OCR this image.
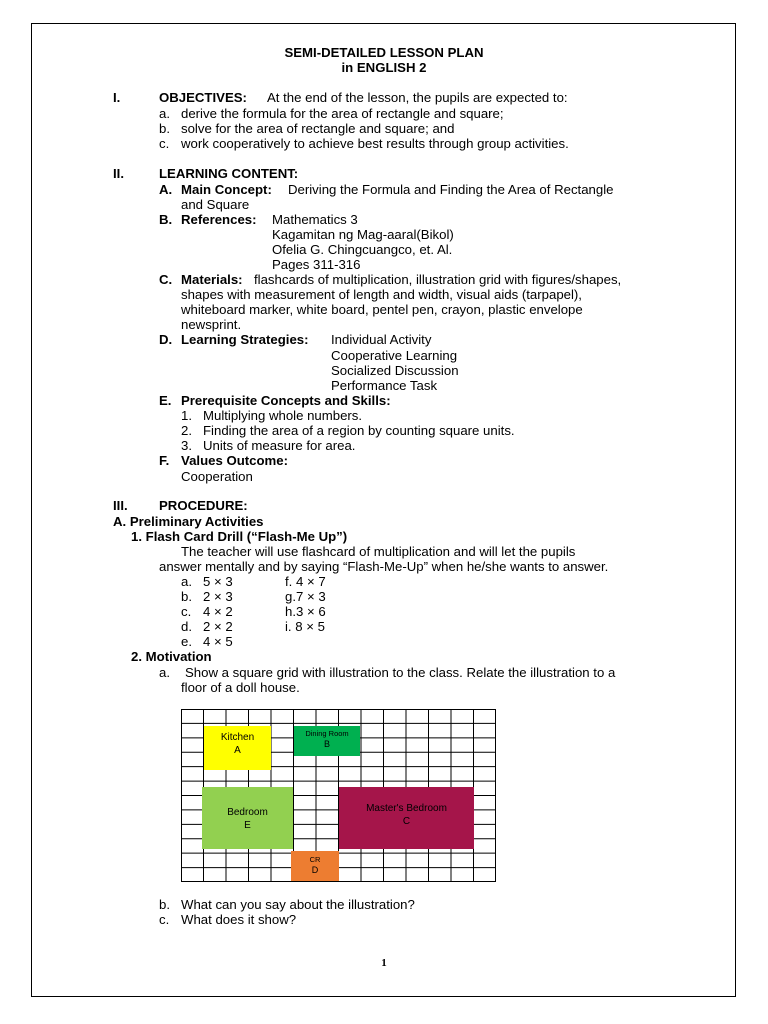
SEMI-DETAILED LESSON PLAN
in ENGLISH 2
I.	OBJECTIVES: At the end of the lesson, the pupils are expected to:
a. derive the formula for the area of rectangle and square;
b. solve for the area of rectangle and square; and
c. work cooperatively to achieve best results through group activities.
II.	LEARNING CONTENT:
A. Main Concept: Deriving the Formula and Finding the Area of Rectangle
and Square
B. References: Mathematics 3
Kagamitan ng Mag-aaral(Bikol)
Ofelia G. Chingcuangco, et. Al.
Pages 311-316
C. Materials: flashcards of multiplication, illustration grid with figures/shapes,
shapes with measurement of length and width, visual aids (tarpapel),
whiteboard marker, white board, pentel pen, crayon, plastic envelope
newsprint.
D. Learning Strategies: Individual Activity
Cooperative Learning
Socialized Discussion
Performance Task
E. Prerequisite Concepts and Skills:
1. Multiplying whole numbers.
2. Finding the area of a region by counting square units.
3. Units of measure for area.
F. Values Outcome:
Cooperation
III. PROCEDURE:
A. Preliminary Activities
1. Flash Card Drill (“Flash-Me Up”)
The teacher will use flashcard of multiplication and will let the pupils
answer mentally and by saying “Flash-Me-Up” when he/she wants to answer.
a. 5 × 3	f. 4 × 7
b. 2 × 3	g.7 × 3
c. 4 × 2	h.3 × 6
d. 2 × 2	i. 8 × 5
e. 4 × 5
2. Motivation
a. Show a square grid with illustration to the class. Relate the illustration to a
floor of a doll house.
Kitchen
A
Dining Room
B
Bedroom
E
Master's Bedroom
C
CR
D
b. What can you say about the illustration?
c. What does it show?
1
